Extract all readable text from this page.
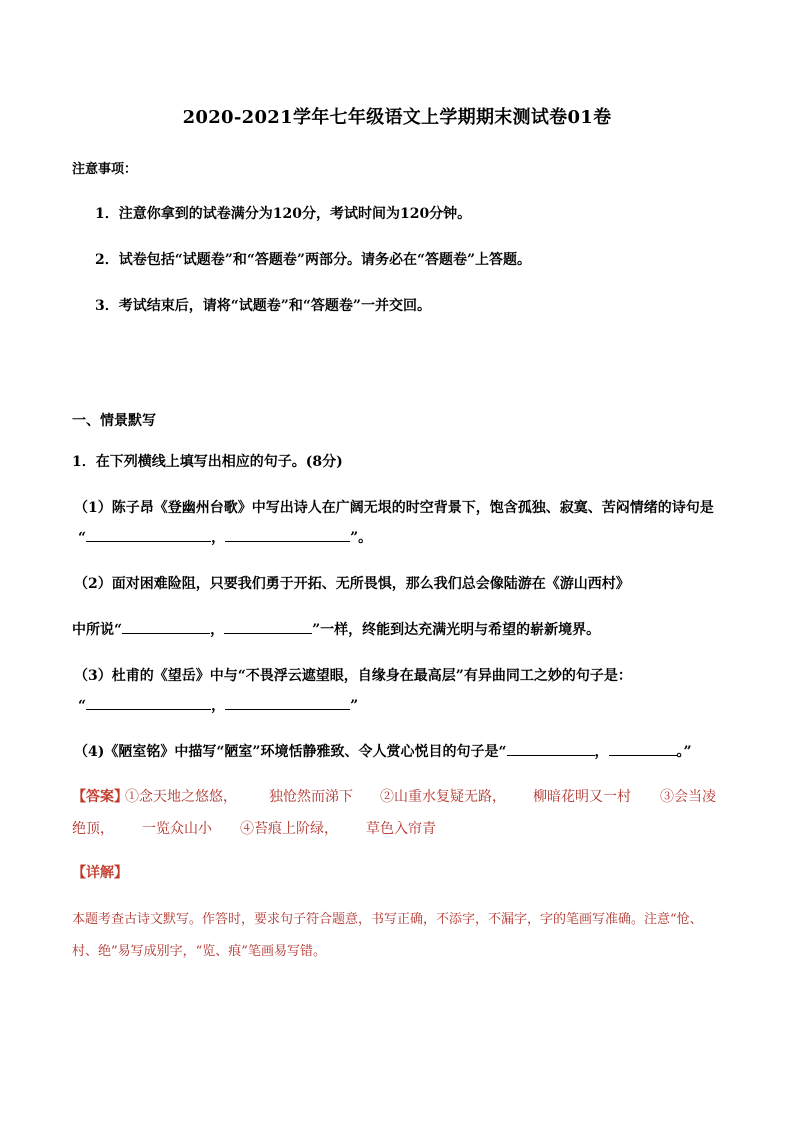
2020-2021学年七年级语文上学期期末测试卷01卷
注意事项：
1．注意你拿到的试卷满分为120分，考试时间为120分钟。
2．试卷包括“试题卷”和“答题卷”两部分。请务必在“答题卷”上答题。
3．考试结束后，请将“试题卷”和“答题卷”一并交回。
一、情景默写
1．在下列横线上填写出相应的句子。(8分)
（1）陈子昂《登幽州台歌》中写出诗人在广阔无垠的时空背景下，饱含孤独、寂寞、苦闷情绪的诗句是
“	，	”。
（2）面对困难险阻，只要我们勇于开拓、无所畏惧，那么我们总会像陆游在《游山西村》
中所说“	，	”一样，终能到达充满光明与希望的崭新境界。
（3）杜甫的《望岳》中与“不畏浮云遮望眼，自缘身在最高层”有异曲同工之妙的句子是：
“	，	”
（4)《陋室铭》中描写“陋室”环境恬静雅致、令人赏心悦目的句子是“	，	。”
【答案】
①念天地之悠悠， 独怆然而涕下 ②山重水复疑无路， 柳暗花明又一村 ③会当凌
绝顶， 一览众山小 ④苔痕上阶绿， 草色入帘青
【详解】
本题考查古诗文默写。作答时，要求句子符合题意，书写正确，不添字，不漏字，字的笔画写准确。注意“怆、
村、绝”易写成别字，“览、痕”笔画易写错。
